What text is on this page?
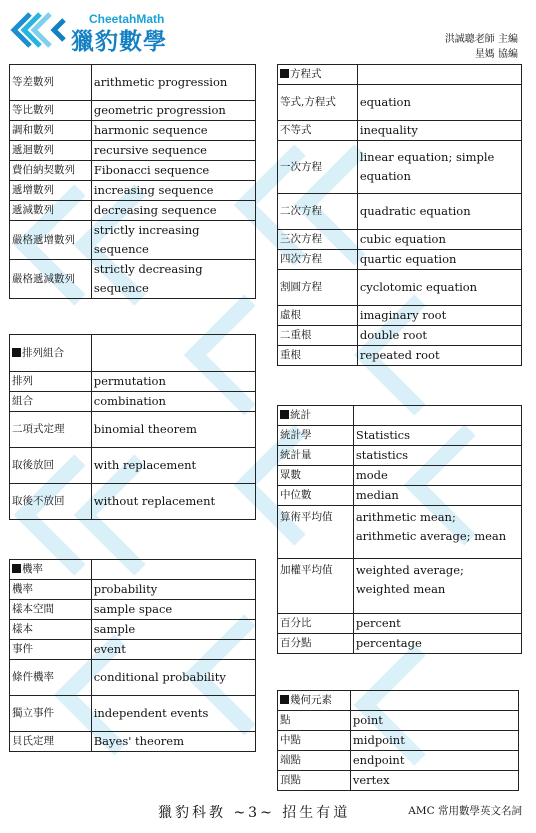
CheetahMath
獵豹數學	洪誠聰老師 主編
星媽 協編
等差數列	arithmetic progression
等比數列	geometric progression
調和數列	harmonic sequence
遞迴數列	recursive sequence
費伯納契數列	Fibonacci sequence
遞增數列	increasing sequence
遞減數列	decreasing sequence
嚴格遞增數列	strictly increasing sequence
嚴格遞減數列	strictly decreasing sequence
排列組合	
排列	permutation
組合	combination
二項式定理	binomial theorem
取後放回	with replacement
取後不放回	without replacement
機率	
機率	probability
樣本空間	sample space
樣本	sample
事件	event
條件機率	conditional probability
獨立事件	independent events
貝氏定理	Bayes' theorem
方程式	
等式,方程式	equation
不等式	inequality
一次方程	linear equation; simple equation
二次方程	quadratic equation
三次方程	cubic equation
四次方程	quartic equation
割圓方程	cyclotomic equation
虛根	imaginary root
二重根	double root
重根	repeated root
統計	
統計學	Statistics
統計量	statistics
眾數	mode
中位數	median
算術平均值	arithmetic mean; arithmetic average; mean
加權平均值	weighted average; weighted mean
百分比	percent
百分點	percentage
幾何元素	
點	point
中點	midpoint
端點	endpoint
頂點	vertex
獵豹科教 ~3~ 招生有道	AMC 常用數學英文名詞
